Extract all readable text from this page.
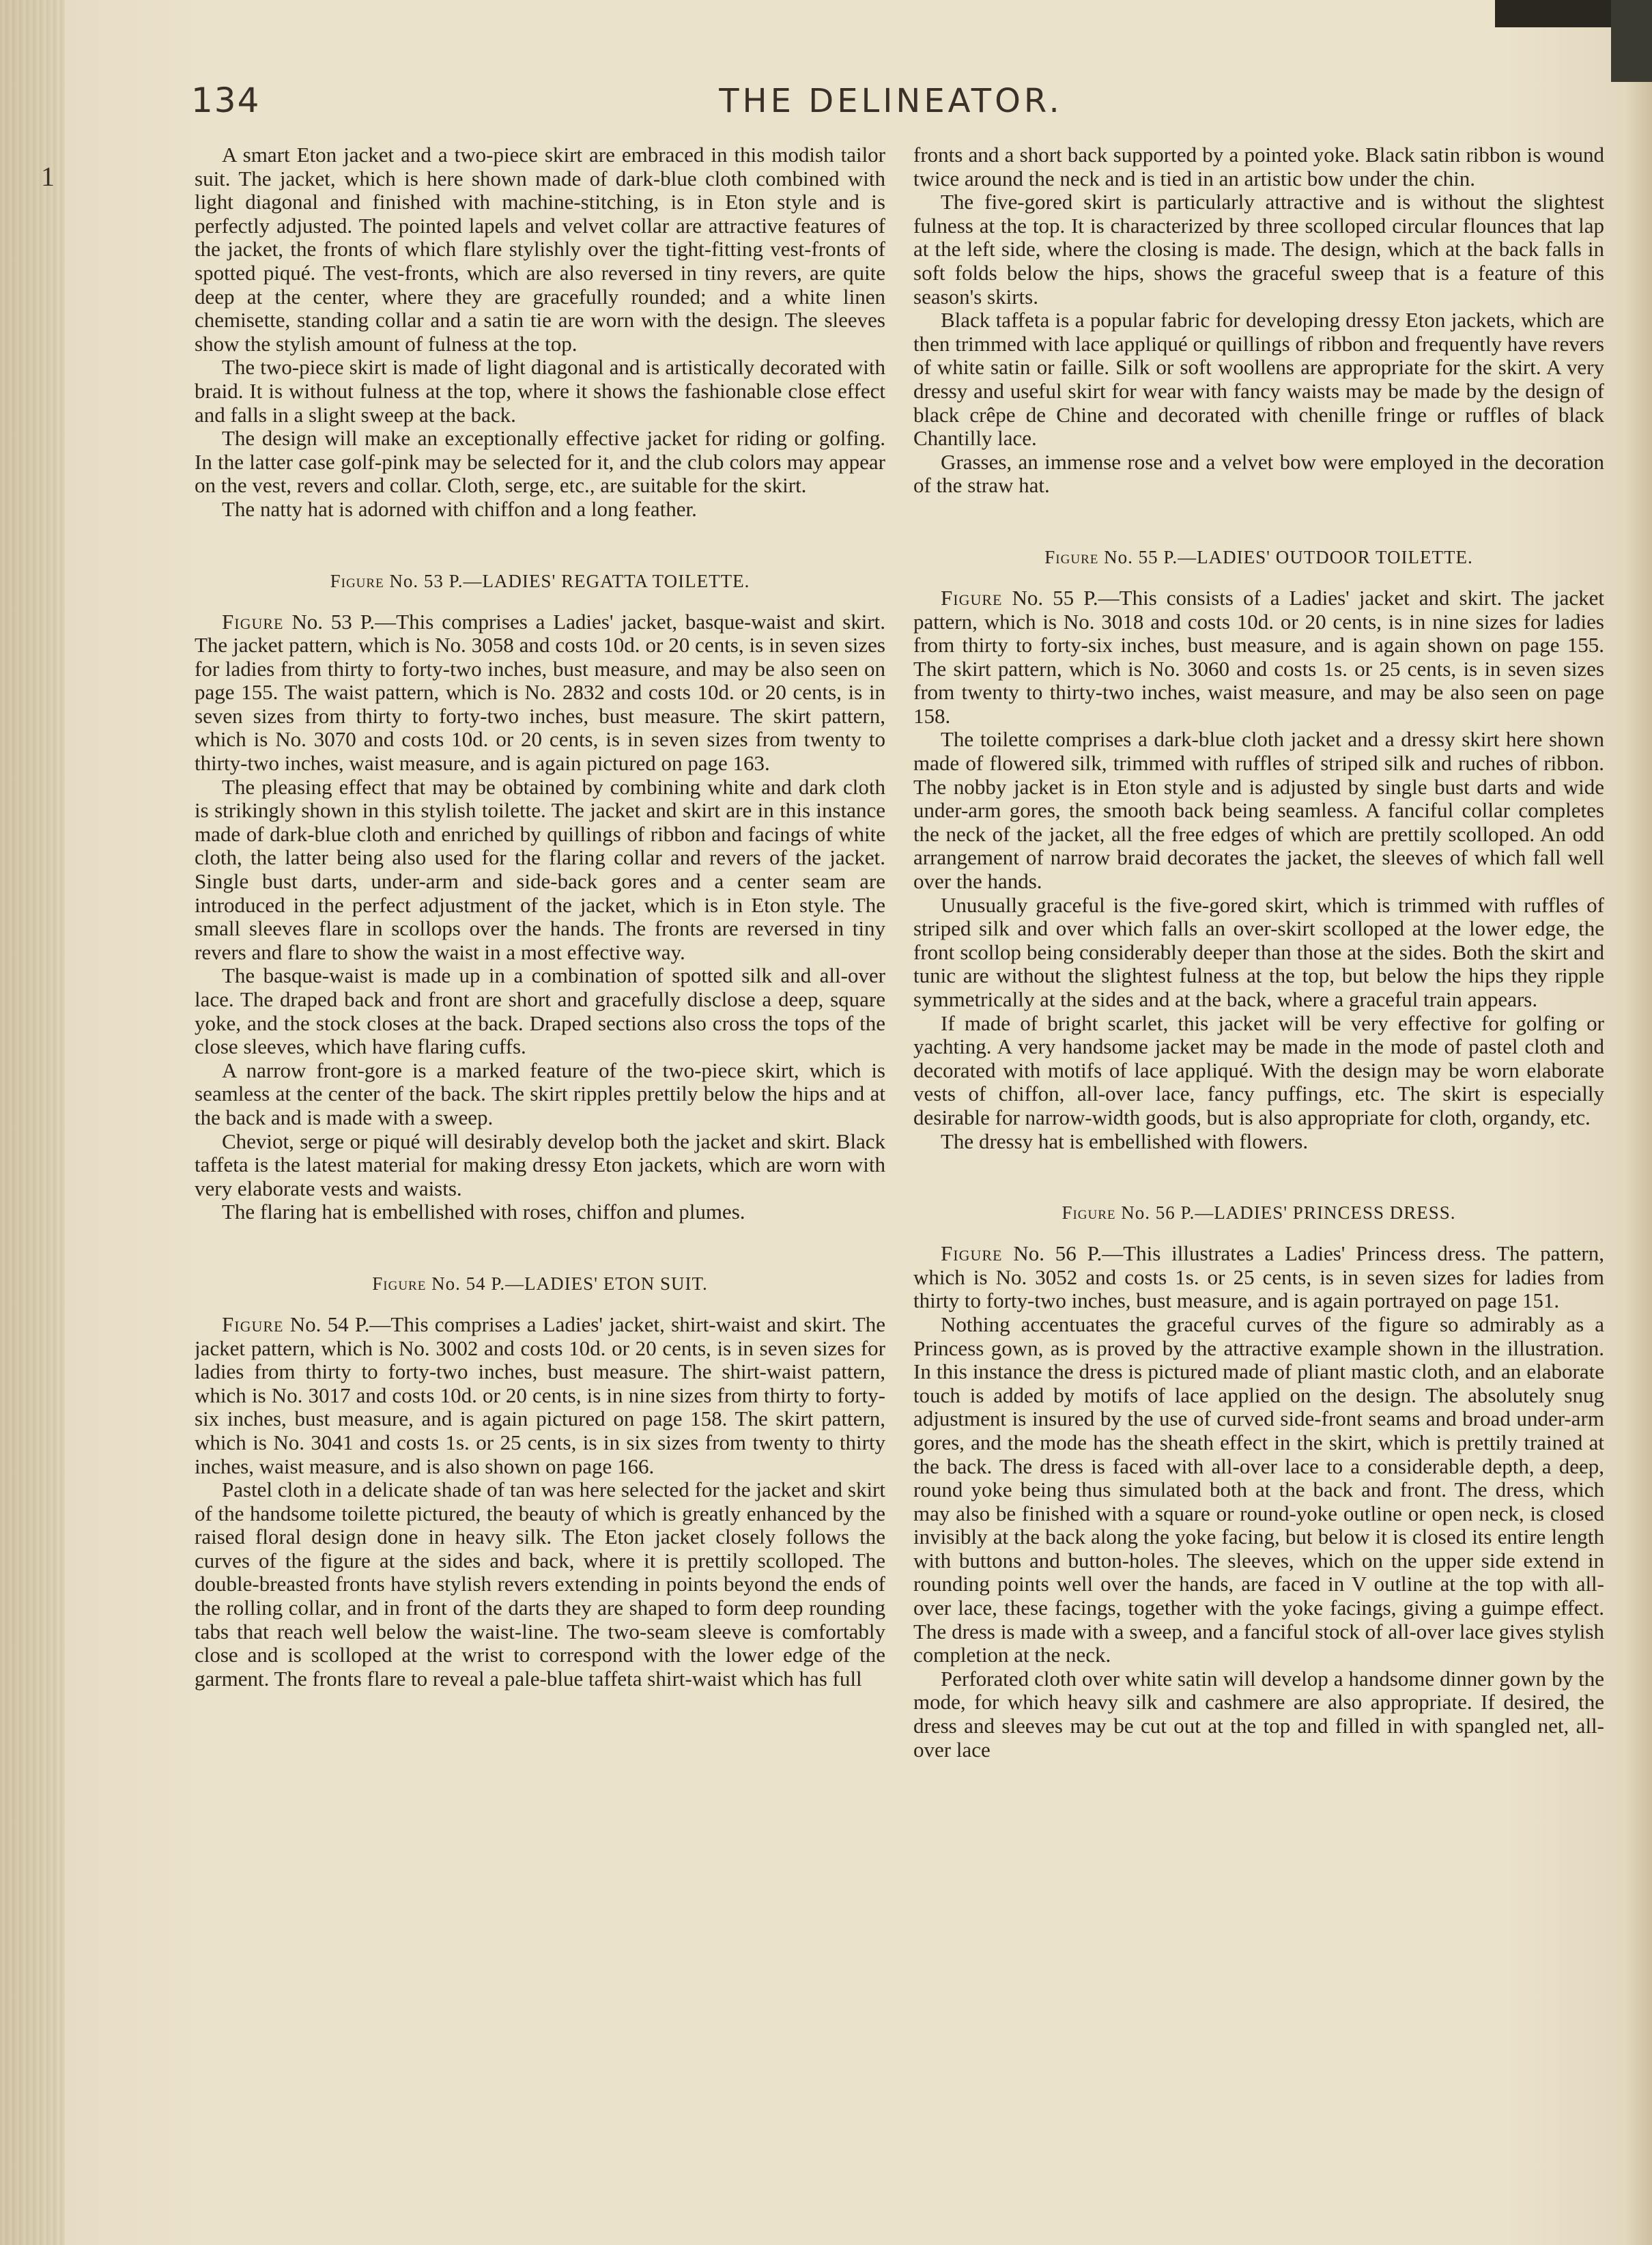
134	THE DELINEATOR.
1

A smart Eton jacket and a two-piece skirt are embraced in this modish tailor suit. The jacket, which is here shown made of dark-blue cloth combined with light diagonal and finished with machine-stitching, is in Eton style and is perfectly adjusted. The pointed lapels and velvet collar are attractive features of the jacket, the fronts of which flare stylishly over the tight-fitting vest-fronts of spotted piqué. The vest-fronts, which are also reversed in tiny revers, are quite deep at the center, where they are gracefully rounded; and a white linen chemisette, standing collar and a satin tie are worn with the design. The sleeves show the stylish amount of fulness at the top.

The two-piece skirt is made of light diagonal and is artistically decorated with braid. It is without fulness at the top, where it shows the fashionable close effect and falls in a slight sweep at the back.

The design will make an exceptionally effective jacket for riding or golfing. In the latter case golf-pink may be selected for it, and the club colors may appear on the vest, revers and collar. Cloth, serge, etc., are suitable for the skirt.

The natty hat is adorned with chiffon and a long feather.

Figure No. 53 P.—LADIES' REGATTA TOILETTE.

Figure No. 53 P.—This comprises a Ladies' jacket, basque-waist and skirt. The jacket pattern, which is No. 3058 and costs 10d. or 20 cents, is in seven sizes for ladies from thirty to forty-two inches, bust measure, and may be also seen on page 155. The waist pattern, which is No. 2832 and costs 10d. or 20 cents, is in seven sizes from thirty to forty-two inches, bust measure. The skirt pattern, which is No. 3070 and costs 10d. or 20 cents, is in seven sizes from twenty to thirty-two inches, waist measure, and is again pictured on page 163.

The pleasing effect that may be obtained by combining white and dark cloth is strikingly shown in this stylish toilette. The jacket and skirt are in this instance made of dark-blue cloth and enriched by quillings of ribbon and facings of white cloth, the latter being also used for the flaring collar and revers of the jacket. Single bust darts, under-arm and side-back gores and a center seam are introduced in the perfect adjustment of the jacket, which is in Eton style. The small sleeves flare in scollops over the hands. The fronts are reversed in tiny revers and flare to show the waist in a most effective way.

The basque-waist is made up in a combination of spotted silk and all-over lace. The draped back and front are short and gracefully disclose a deep, square yoke, and the stock closes at the back. Draped sections also cross the tops of the close sleeves, which have flaring cuffs.

A narrow front-gore is a marked feature of the two-piece skirt, which is seamless at the center of the back. The skirt ripples prettily below the hips and at the back and is made with a sweep.

Cheviot, serge or piqué will desirably develop both the jacket and skirt. Black taffeta is the latest material for making dressy Eton jackets, which are worn with very elaborate vests and waists.

The flaring hat is embellished with roses, chiffon and plumes.

Figure No. 54 P.—LADIES' ETON SUIT.

Figure No. 54 P.—This comprises a Ladies' jacket, shirt-waist and skirt. The jacket pattern, which is No. 3002 and costs 10d. or 20 cents, is in seven sizes for ladies from thirty to forty-two inches, bust measure. The shirt-waist pattern, which is No. 3017 and costs 10d. or 20 cents, is in nine sizes from thirty to forty-six inches, bust measure, and is again pictured on page 158. The skirt pattern, which is No. 3041 and costs 1s. or 25 cents, is in six sizes from twenty to thirty inches, waist measure, and is also shown on page 166.

Pastel cloth in a delicate shade of tan was here selected for the jacket and skirt of the handsome toilette pictured, the beauty of which is greatly enhanced by the raised floral design done in heavy silk. The Eton jacket closely follows the curves of the figure at the sides and back, where it is prettily scolloped. The double-breasted fronts have stylish revers extending in points beyond the ends of the rolling collar, and in front of the darts they are shaped to form deep rounding tabs that reach well below the waist-line. The two-seam sleeve is comfortably close and is scolloped at the wrist to correspond with the lower edge of the garment. The fronts flare to reveal a pale-blue taffeta shirt-waist which has full

fronts and a short back supported by a pointed yoke. Black satin ribbon is wound twice around the neck and is tied in an artistic bow under the chin.

The five-gored skirt is particularly attractive and is without the slightest fulness at the top. It is characterized by three scolloped circular flounces that lap at the left side, where the closing is made. The design, which at the back falls in soft folds below the hips, shows the graceful sweep that is a feature of this season's skirts.

Black taffeta is a popular fabric for developing dressy Eton jackets, which are then trimmed with lace appliqué or quillings of ribbon and frequently have revers of white satin or faille. Silk or soft woollens are appropriate for the skirt. A very dressy and useful skirt for wear with fancy waists may be made by the design of black crêpe de Chine and decorated with chenille fringe or ruffles of black Chantilly lace.

Grasses, an immense rose and a velvet bow were employed in the decoration of the straw hat.

Figure No. 55 P.—LADIES' OUTDOOR TOILETTE.

Figure No. 55 P.—This consists of a Ladies' jacket and skirt. The jacket pattern, which is No. 3018 and costs 10d. or 20 cents, is in nine sizes for ladies from thirty to forty-six inches, bust measure, and is again shown on page 155. The skirt pattern, which is No. 3060 and costs 1s. or 25 cents, is in seven sizes from twenty to thirty-two inches, waist measure, and may be also seen on page 158.

The toilette comprises a dark-blue cloth jacket and a dressy skirt here shown made of flowered silk, trimmed with ruffles of striped silk and ruches of ribbon. The nobby jacket is in Eton style and is adjusted by single bust darts and wide under-arm gores, the smooth back being seamless. A fanciful collar completes the neck of the jacket, all the free edges of which are prettily scolloped. An odd arrangement of narrow braid decorates the jacket, the sleeves of which fall well over the hands.

Unusually graceful is the five-gored skirt, which is trimmed with ruffles of striped silk and over which falls an over-skirt scolloped at the lower edge, the front scollop being considerably deeper than those at the sides. Both the skirt and tunic are without the slightest fulness at the top, but below the hips they ripple symmetrically at the sides and at the back, where a graceful train appears.

If made of bright scarlet, this jacket will be very effective for golfing or yachting. A very handsome jacket may be made in the mode of pastel cloth and decorated with motifs of lace appliqué. With the design may be worn elaborate vests of chiffon, all-over lace, fancy puffings, etc. The skirt is especially desirable for narrow-width goods, but is also appropriate for cloth, organdy, etc.

The dressy hat is embellished with flowers.

Figure No. 56 P.—LADIES' PRINCESS DRESS.

Figure No. 56 P.—This illustrates a Ladies' Princess dress. The pattern, which is No. 3052 and costs 1s. or 25 cents, is in seven sizes for ladies from thirty to forty-two inches, bust measure, and is again portrayed on page 151.

Nothing accentuates the graceful curves of the figure so admirably as a Princess gown, as is proved by the attractive example shown in the illustration. In this instance the dress is pictured made of pliant mastic cloth, and an elaborate touch is added by motifs of lace applied on the design. The absolutely snug adjustment is insured by the use of curved side-front seams and broad under-arm gores, and the mode has the sheath effect in the skirt, which is prettily trained at the back. The dress is faced with all-over lace to a considerable depth, a deep, round yoke being thus simulated both at the back and front. The dress, which may also be finished with a square or round-yoke outline or open neck, is closed invisibly at the back along the yoke facing, but below it is closed its entire length with buttons and button-holes. The sleeves, which on the upper side extend in rounding points well over the hands, are faced in V outline at the top with all-over lace, these facings, together with the yoke facings, giving a guimpe effect. The dress is made with a sweep, and a fanciful stock of all-over lace gives stylish completion at the neck.

Perforated cloth over white satin will develop a handsome dinner gown by the mode, for which heavy silk and cashmere are also appropriate. If desired, the dress and sleeves may be cut out at the top and filled in with spangled net, all-over lace
